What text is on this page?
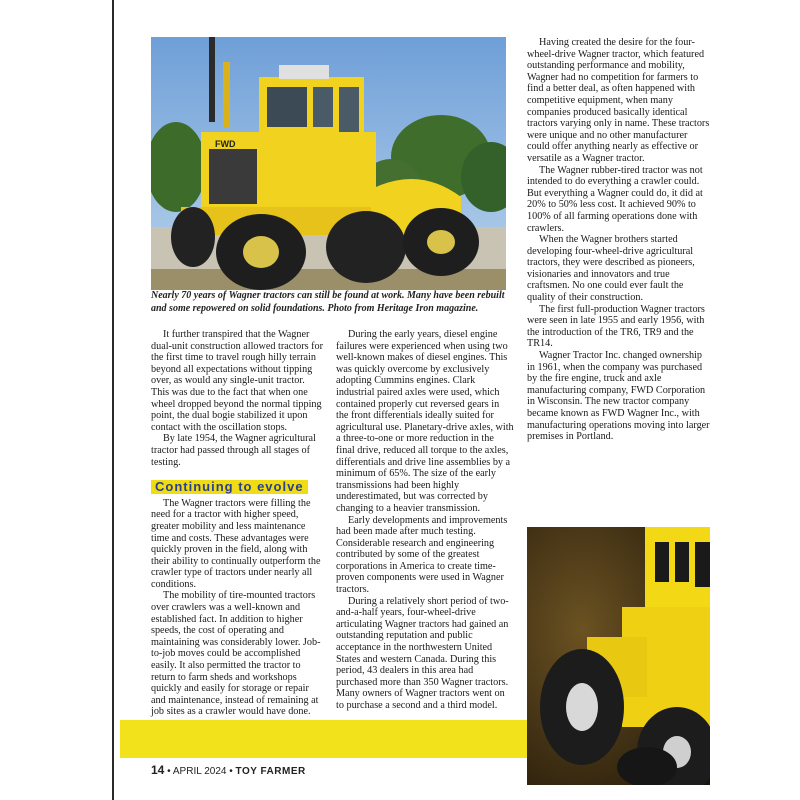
FWD
Nearly 70 years of Wagner tractors can still be found at work. Many have been rebuilt and some repowered on solid foundations. Photo from Heritage Iron magazine.

It further transpired that the Wagner dual-unit construction allowed tractors for the first time to travel rough hilly terrain beyond all expectations without tipping over, as would any single-unit tractor. This was due to the fact that when one wheel dropped beyond the normal tipping point, the dual bogie stabilized it upon contact with the oscillation stops.

By late 1954, the Wagner agricultural tractor had passed through all stages of testing.

Continuing to evolve

The Wagner tractors were filling the need for a tractor with higher speed, greater mobility and less maintenance time and costs. These advantages were quickly proven in the field, along with their ability to continually outperform the crawler type of tractors under nearly all conditions.

The mobility of tire-mounted tractors over crawlers was a well-known and established fact. In addition to higher speeds, the cost of operating and maintaining was considerably lower. Job-to-job moves could be accomplished easily. It also permitted the tractor to return to farm sheds and workshops quickly and easily for storage or repair and maintenance, instead of remaining at job sites as a crawler would have done.

During the early years, diesel engine failures were experienced when using two well-known makes of diesel engines. This was quickly overcome by exclusively adopting Cummins engines. Clark industrial paired axles were used, which contained properly cut reversed gears in the front differentials ideally suited for agricultural use. Planetary-drive axles, with a three-to-one or more reduction in the final drive, reduced all torque to the axles, differentials and drive line assemblies by a minimum of 65%. The size of the early transmissions had been highly underestimated, but was corrected by changing to a heavier transmission.

Early developments and improvements had been made after much testing. Considerable research and engineering contributed by some of the greatest corporations in America to create time-proven components were used in Wagner tractors.

During a relatively short period of two-and-a-half years, four-wheel-drive articulating Wagner tractors had gained an outstanding reputation and public acceptance in the northwestern United States and western Canada. During this period, 43 dealers in this area had purchased more than 350 Wagner tractors. Many owners of Wagner tractors went on to purchase a second and a third model.

Having created the desire for the four-wheel-drive Wagner tractor, which featured outstanding performance and mobility, Wagner had no competition for farmers to find a better deal, as often happened with competitive equipment, when many companies produced basically identical tractors varying only in name. These tractors were unique and no other manufacturer could offer anything nearly as effective or versatile as a Wagner tractor.

The Wagner rubber-tired tractor was not intended to do everything a crawler could. But everything a Wagner could do, it did at 20% to 50% less cost. It achieved 90% to 100% of all farming operations done with crawlers.

When the Wagner brothers started developing four-wheel-drive agricultural tractors, they were described as pioneers, visionaries and innovators and true craftsmen. No one could ever fault the quality of their construction.

The first full-production Wagner tractors were seen in late 1955 and early 1956, with the introduction of the TR6, TR9 and the TR14.

Wagner Tractor Inc. changed ownership in 1961, when the company was purchased by the fire engine, truck and axle manufacturing company, FWD Corporation in Wisconsin. The new tractor company became known as FWD Wagner Inc., with manufacturing operations moving into larger premises in Portland.

14 • APRIL 2024 • TOY FARMER
